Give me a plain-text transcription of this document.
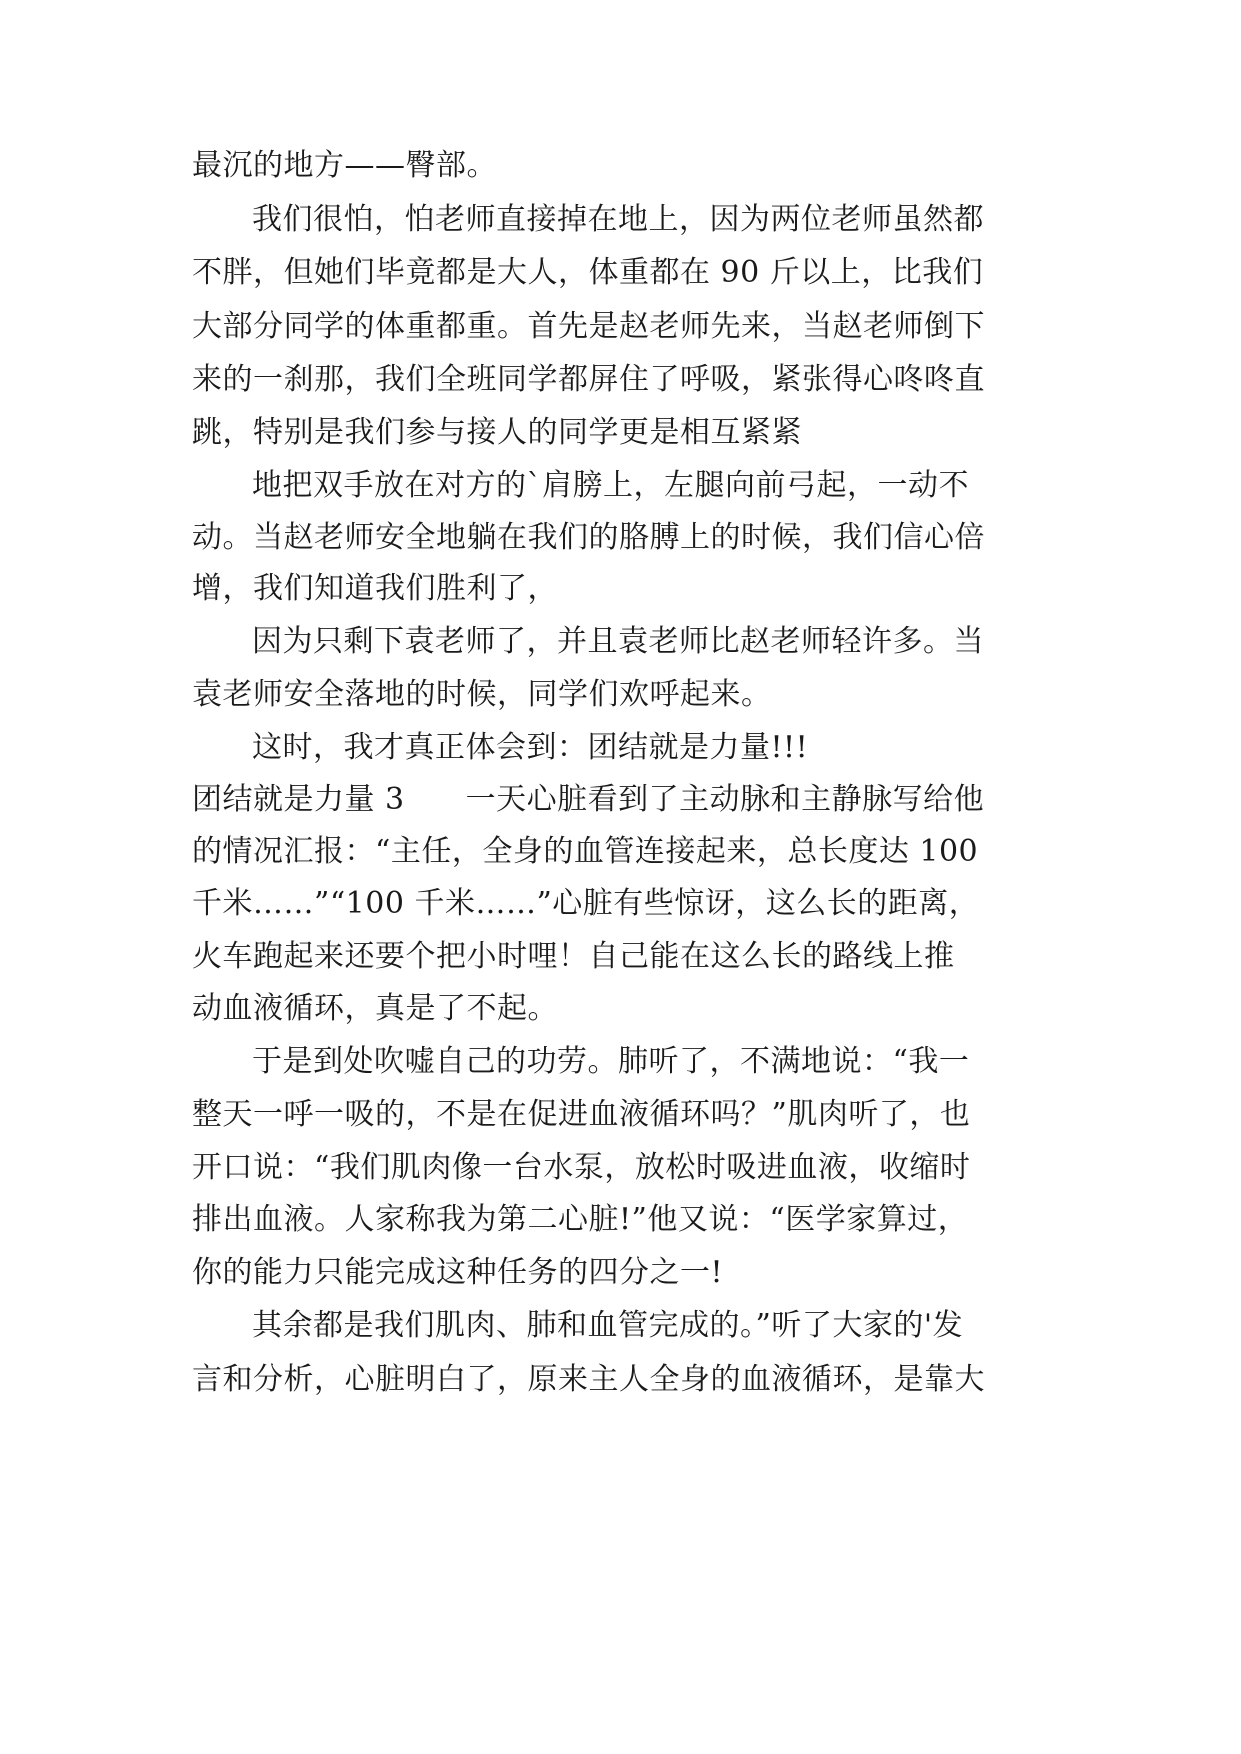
最沉的地方——臀部。
我们很怕，怕老师直接掉在地上，因为两位老师虽然都
不胖，但她们毕竟都是大人，体重都在 90 斤以上，比我们
大部分同学的体重都重。首先是赵老师先来，当赵老师倒下
来的一刹那，我们全班同学都屏住了呼吸，紧张得心咚咚直
跳，特别是我们参与接人的同学更是相互紧紧
地把双手放在对方的`肩膀上，左腿向前弓起，一动不
动。当赵老师安全地躺在我们的胳膊上的时候，我们信心倍
增，我们知道我们胜利了，
因为只剩下袁老师了，并且袁老师比赵老师轻许多。当
袁老师安全落地的时候，同学们欢呼起来。
这时，我才真正体会到：团结就是力量!!!
团结就是力量 3　　一天心脏看到了主动脉和主静脉写给他
的情况汇报：“主任，全身的血管连接起来，总长度达 100
千米……”“100 千米……”心脏有些惊讶，这么长的距离，
火车跑起来还要个把小时哩！自己能在这么长的路线上推
动血液循环，真是了不起。
于是到处吹嘘自己的功劳。肺听了，不满地说：“我一
整天一呼一吸的，不是在促进血液循环吗？”肌肉听了，也
开口说：“我们肌肉像一台水泵，放松时吸进血液，收缩时
排出血液。人家称我为第二心脏!”他又说：“医学家算过，
你的能力只能完成这种任务的四分之一!
其余都是我们肌肉、肺和血管完成的。”听了大家的'发
言和分析，心脏明白了，原来主人全身的血液循环，是靠大
